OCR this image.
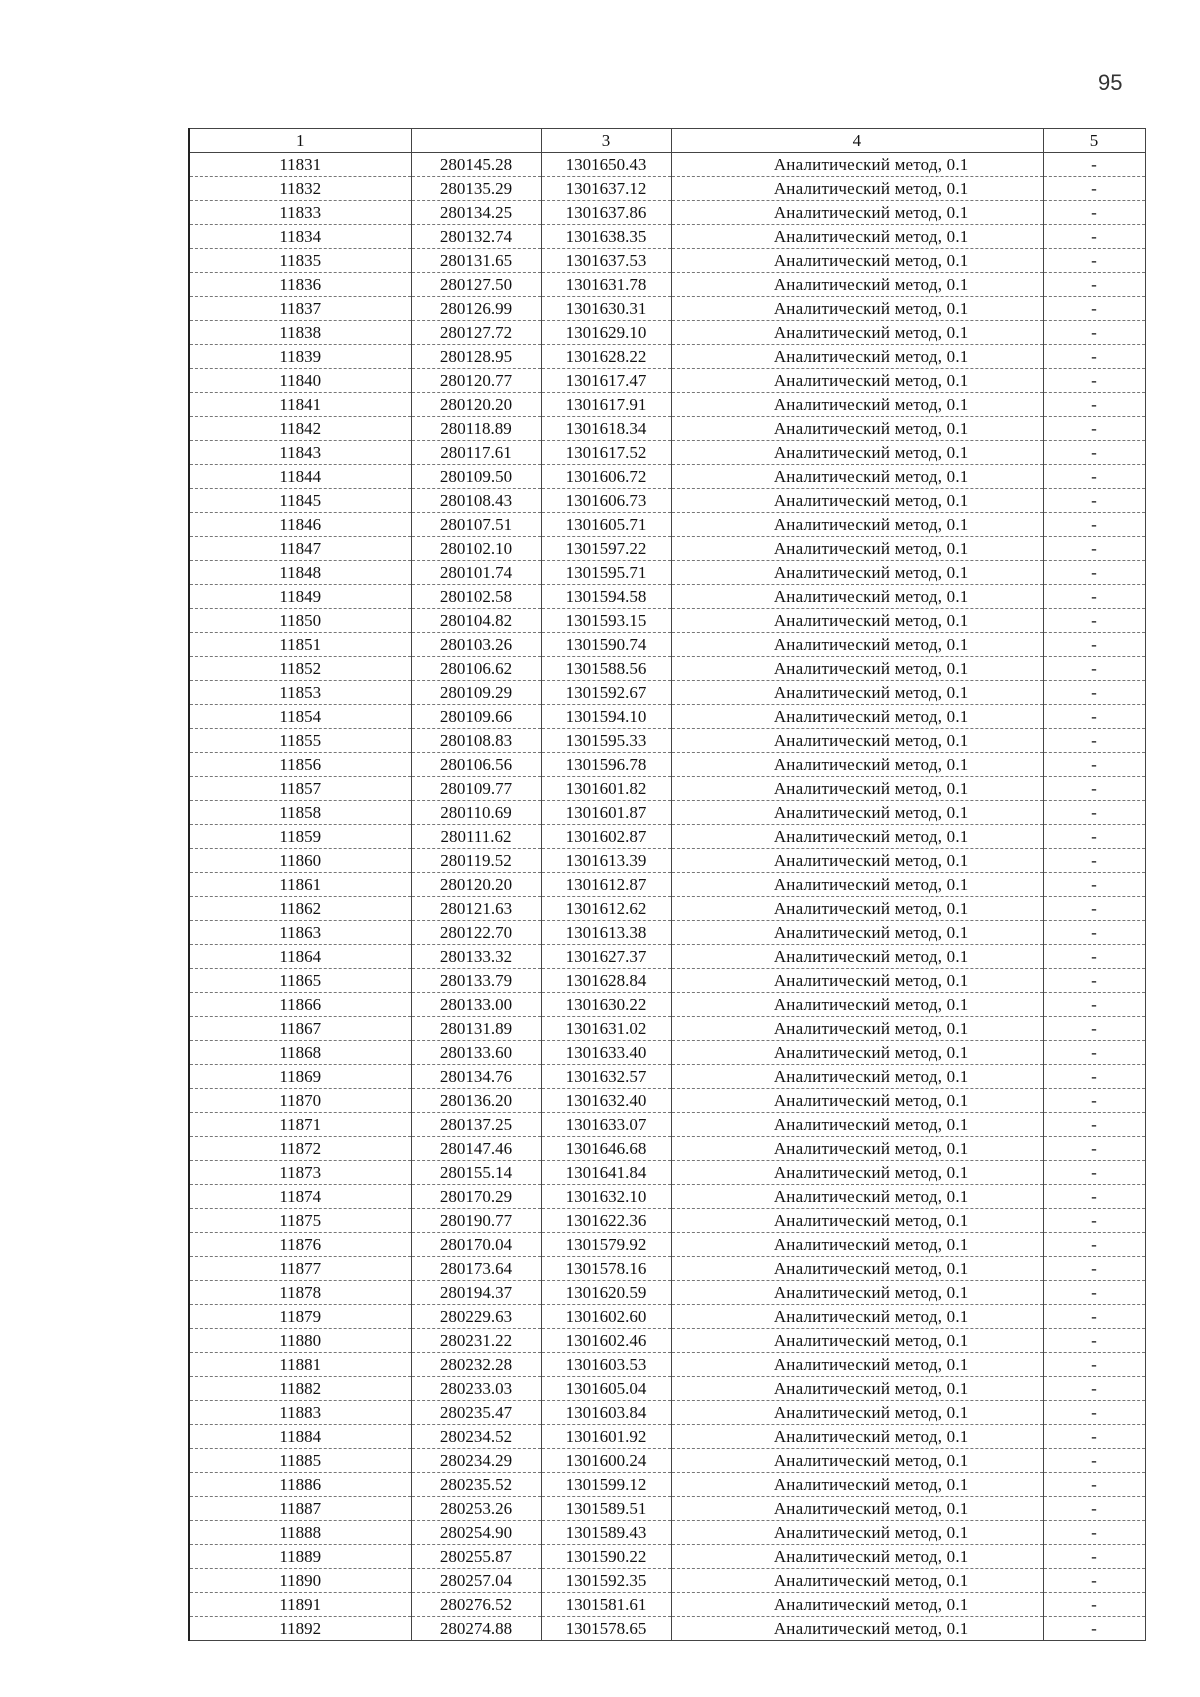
95
1		3	4	5
11831	280145.28	1301650.43	Аналитический метод, 0.1	-
11832	280135.29	1301637.12	Аналитический метод, 0.1	-
11833	280134.25	1301637.86	Аналитический метод, 0.1	-
11834	280132.74	1301638.35	Аналитический метод, 0.1	-
11835	280131.65	1301637.53	Аналитический метод, 0.1	-
11836	280127.50	1301631.78	Аналитический метод, 0.1	-
11837	280126.99	1301630.31	Аналитический метод, 0.1	-
11838	280127.72	1301629.10	Аналитический метод, 0.1	-
11839	280128.95	1301628.22	Аналитический метод, 0.1	-
11840	280120.77	1301617.47	Аналитический метод, 0.1	-
11841	280120.20	1301617.91	Аналитический метод, 0.1	-
11842	280118.89	1301618.34	Аналитический метод, 0.1	-
11843	280117.61	1301617.52	Аналитический метод, 0.1	-
11844	280109.50	1301606.72	Аналитический метод, 0.1	-
11845	280108.43	1301606.73	Аналитический метод, 0.1	-
11846	280107.51	1301605.71	Аналитический метод, 0.1	-
11847	280102.10	1301597.22	Аналитический метод, 0.1	-
11848	280101.74	1301595.71	Аналитический метод, 0.1	-
11849	280102.58	1301594.58	Аналитический метод, 0.1	-
11850	280104.82	1301593.15	Аналитический метод, 0.1	-
11851	280103.26	1301590.74	Аналитический метод, 0.1	-
11852	280106.62	1301588.56	Аналитический метод, 0.1	-
11853	280109.29	1301592.67	Аналитический метод, 0.1	-
11854	280109.66	1301594.10	Аналитический метод, 0.1	-
11855	280108.83	1301595.33	Аналитический метод, 0.1	-
11856	280106.56	1301596.78	Аналитический метод, 0.1	-
11857	280109.77	1301601.82	Аналитический метод, 0.1	-
11858	280110.69	1301601.87	Аналитический метод, 0.1	-
11859	280111.62	1301602.87	Аналитический метод, 0.1	-
11860	280119.52	1301613.39	Аналитический метод, 0.1	-
11861	280120.20	1301612.87	Аналитический метод, 0.1	-
11862	280121.63	1301612.62	Аналитический метод, 0.1	-
11863	280122.70	1301613.38	Аналитический метод, 0.1	-
11864	280133.32	1301627.37	Аналитический метод, 0.1	-
11865	280133.79	1301628.84	Аналитический метод, 0.1	-
11866	280133.00	1301630.22	Аналитический метод, 0.1	-
11867	280131.89	1301631.02	Аналитический метод, 0.1	-
11868	280133.60	1301633.40	Аналитический метод, 0.1	-
11869	280134.76	1301632.57	Аналитический метод, 0.1	-
11870	280136.20	1301632.40	Аналитический метод, 0.1	-
11871	280137.25	1301633.07	Аналитический метод, 0.1	-
11872	280147.46	1301646.68	Аналитический метод, 0.1	-
11873	280155.14	1301641.84	Аналитический метод, 0.1	-
11874	280170.29	1301632.10	Аналитический метод, 0.1	-
11875	280190.77	1301622.36	Аналитический метод, 0.1	-
11876	280170.04	1301579.92	Аналитический метод, 0.1	-
11877	280173.64	1301578.16	Аналитический метод, 0.1	-
11878	280194.37	1301620.59	Аналитический метод, 0.1	-
11879	280229.63	1301602.60	Аналитический метод, 0.1	-
11880	280231.22	1301602.46	Аналитический метод, 0.1	-
11881	280232.28	1301603.53	Аналитический метод, 0.1	-
11882	280233.03	1301605.04	Аналитический метод, 0.1	-
11883	280235.47	1301603.84	Аналитический метод, 0.1	-
11884	280234.52	1301601.92	Аналитический метод, 0.1	-
11885	280234.29	1301600.24	Аналитический метод, 0.1	-
11886	280235.52	1301599.12	Аналитический метод, 0.1	-
11887	280253.26	1301589.51	Аналитический метод, 0.1	-
11888	280254.90	1301589.43	Аналитический метод, 0.1	-
11889	280255.87	1301590.22	Аналитический метод, 0.1	-
11890	280257.04	1301592.35	Аналитический метод, 0.1	-
11891	280276.52	1301581.61	Аналитический метод, 0.1	-
11892	280274.88	1301578.65	Аналитический метод, 0.1	-
